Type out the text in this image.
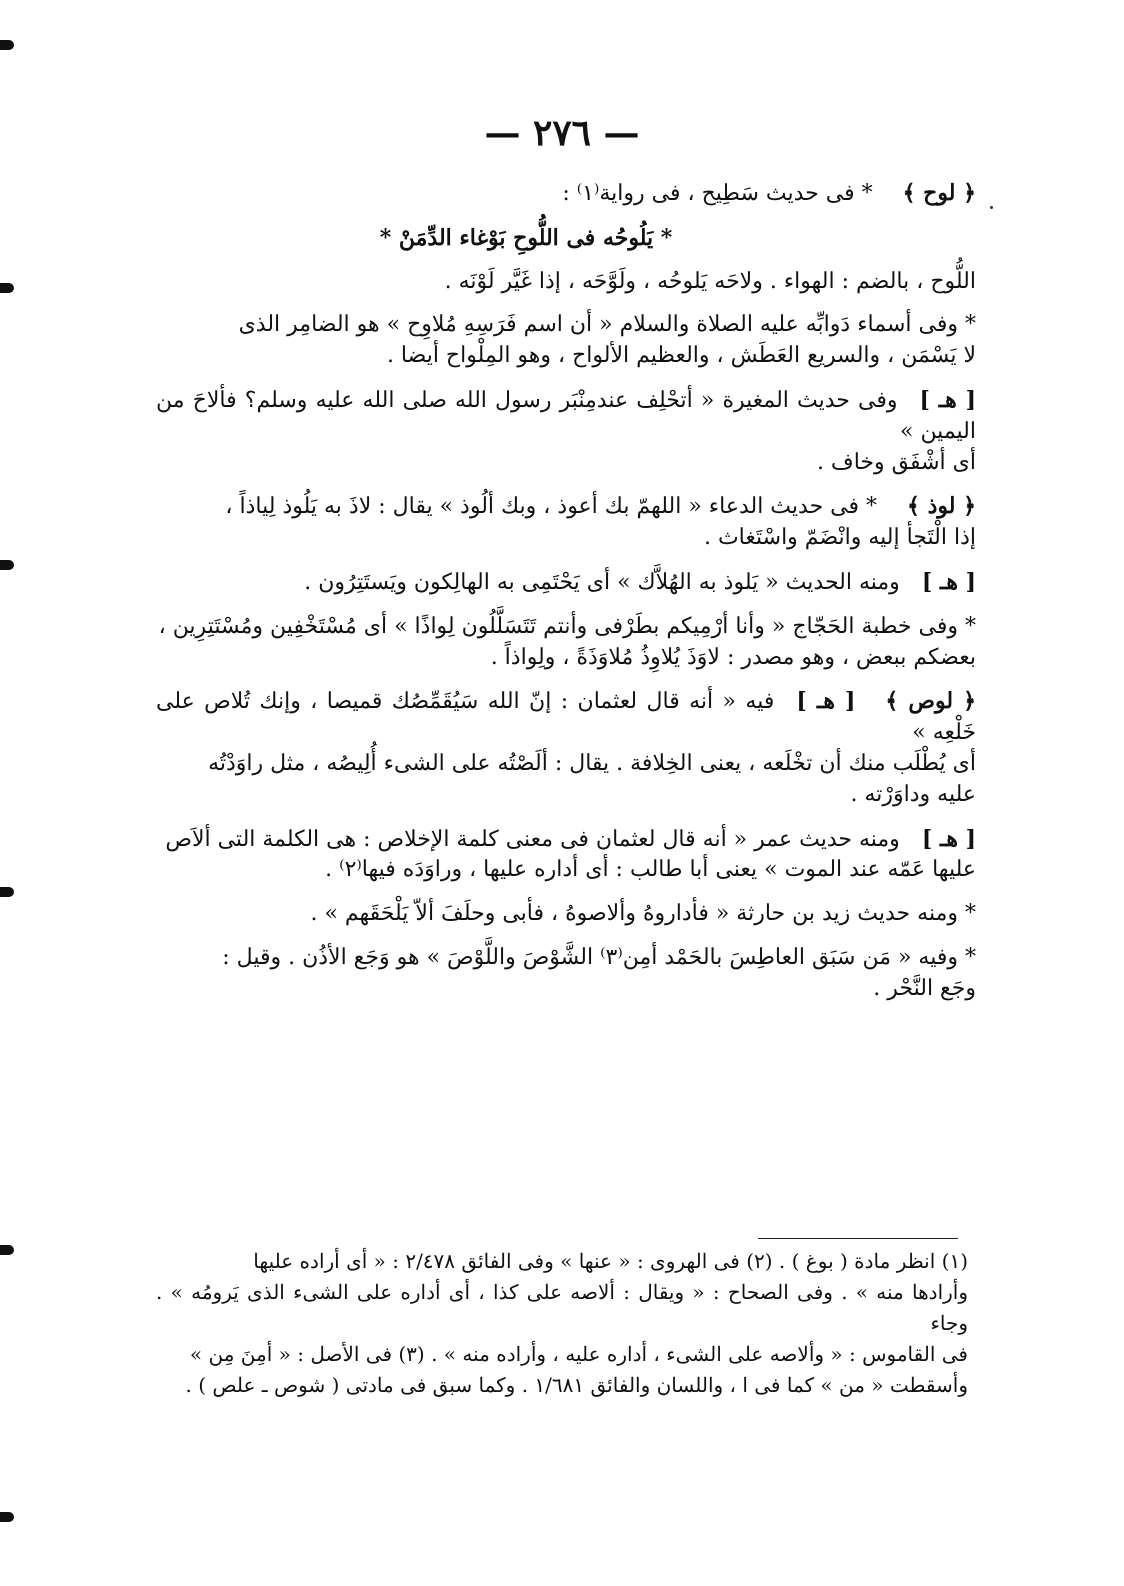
— ٢٧٦ —
﴿ لوح ﴾* فى حديث سَطِيح ، فى رواية⁽١⁾ :
* يَلُوحُه فى اللُّوحِ بَوْغاء الدِّمَنْ *
اللُّوح ، بالضم : الهواء . ولاحَه يَلوحُه ، ولَوَّحَه ، إذا غَيَّر لَوْنَه .
* وفى أسماء دَوابِّه عليه الصلاة والسلام « أن اسم فَرَسِهِ مُلاوِح » هو الضامِر الذى
لا يَسْمَن ، والسريع العَطَش ، والعظيم الألواح ، وهو المِلْواح أيضا .
[ هـ ]وفى حديث المغيرة « أتحْلِف عندمِنْبَر رسول الله صلى الله عليه وسلم؟ فألاحَ من اليمين »
أى أشْفَق وخاف .
﴿ لوذ ﴾* فى حديث الدعاء « اللهمّ بك أعوذ ، وبك ألُوذ » يقال : لاذَ به يَلُوذ لِياذاً ،
إذا الْتَجأ إليه وانْضَمّ واسْتَغاث .
[ هـ ]ومنه الحديث « يَلوذ به الهُلاَّك » أى يَحْتَمِى به الهالِكون ويَستَتِرُون .
* وفى خطبة الحَجّاج « وأنا أرْمِيكم بطَرْفى وأنتم تَتَسَلَّلُون لِواذًا » أى مُسْتَخْفِين ومُسْتَتِرِين ،
بعضكم ببعض ، وهو مصدر : لاوَذَ يُلاوِذُ مُلاوَذَةً ، ولِواذاً .
﴿ لوص ﴾[ هـ ]فيه « أنه قال لعثمان : إنّ الله سَيُقَمِّصُك قميصا ، وإنك تُلاص على خَلْعِه »
أى يُطْلَب منك أن تخْلَعه ، يعنى الخِلافة . يقال : ألَصْتُه على الشىء أُلِيصُه ، مثل راوَدْتُه
عليه وداوَرْته .
[ هـ ]ومنه حديث عمر « أنه قال لعثمان فى معنى كلمة الإخلاص : هى الكلمة التى ألاَص
عليها عَمّه عند الموت » يعنى أبا طالب : أى أداره عليها ، وراوَدَه فيها⁽٢⁾ .
* ومنه حديث زيد بن حارثة « فأداروهُ وألاصوهُ ، فأبى وحلَفَ ألاّ يَلْحَقَهم » .
* وفيه « مَن سَبَق العاطِسَ بالحَمْد أمِن⁽٣⁾ الشَّوْصَ واللَّوْصَ » هو وَجَع الأذُن . وقيل :
وجَع النَّحْر .
(١) انظر مادة ( بوغ ) . (٢) فى الهروى : « عنها » وفى الفائق ٢/٤٧٨ : « أى أراده عليها
وأرادها منه » . وفى الصحاح : « ويقال : ألاصه على كذا ، أى أداره على الشىء الذى يَرومُه » . وجاء
فى القاموس : « وألاصه على الشىء ، أداره عليه ، وأراده منه » . (٣) فى الأصل : « أمِنَ مِن »
وأسقطت « من » كما فى ا ، واللسان والفائق ١/٦٨١ . وكما سبق فى مادتى ( شوص ـ علص ) .
